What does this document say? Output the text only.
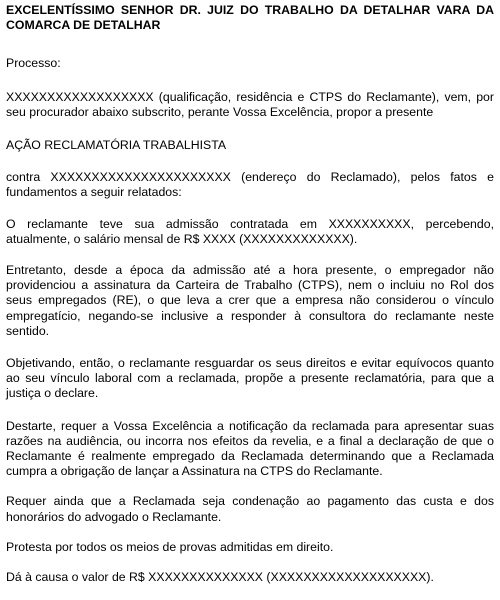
EXCELENTÍSSIMO SENHOR DR. JUIZ DO TRABALHO DA DETALHAR VARA DA COMARCA DE DETALHAR

Processo:

XXXXXXXXXXXXXXXXXX (qualificação, residência e CTPS do Reclamante), vem, por seu procurador abaixo subscrito, perante Vossa Excelência, propor a presente

AÇÃO RECLAMATÓRIA TRABALHISTA

contra XXXXXXXXXXXXXXXXXXXXXX (endereço do Reclamado), pelos fatos e fundamentos a seguir relatados:

O reclamante teve sua admissão contratada em XXXXXXXXXX, percebendo, atualmente, o salário mensal de R$ XXXX (XXXXXXXXXXXXX).

Entretanto, desde a época da admissão até a hora presente, o empregador não providenciou a assinatura da Carteira de Trabalho (CTPS), nem o incluiu no Rol dos seus empregados (RE), o que leva a crer que a empresa não considerou o vínculo empregatício, negando-se inclusive a responder à consultora do reclamante neste sentido.

Objetivando, então, o reclamante resguardar os seus direitos e evitar equívocos quanto ao seu vínculo laboral com a reclamada, propõe a presente reclamatória, para que a justiça o declare.

Destarte, requer a Vossa Excelência a notificação da reclamada para apresentar suas razões na audiência, ou incorra nos efeitos da revelia, e a final a declaração de que o Reclamante é realmente empregado da Reclamada determinando que a Reclamada cumpra a obrigação de lançar a Assinatura na CTPS do Reclamante.

Requer ainda que a Reclamada seja condenação ao pagamento das custa e dos honorários do advogado o Reclamante.

Protesta por todos os meios de provas admitidas em direito.

Dá à causa o valor de R$ XXXXXXXXXXXXXX (XXXXXXXXXXXXXXXXXXX).
